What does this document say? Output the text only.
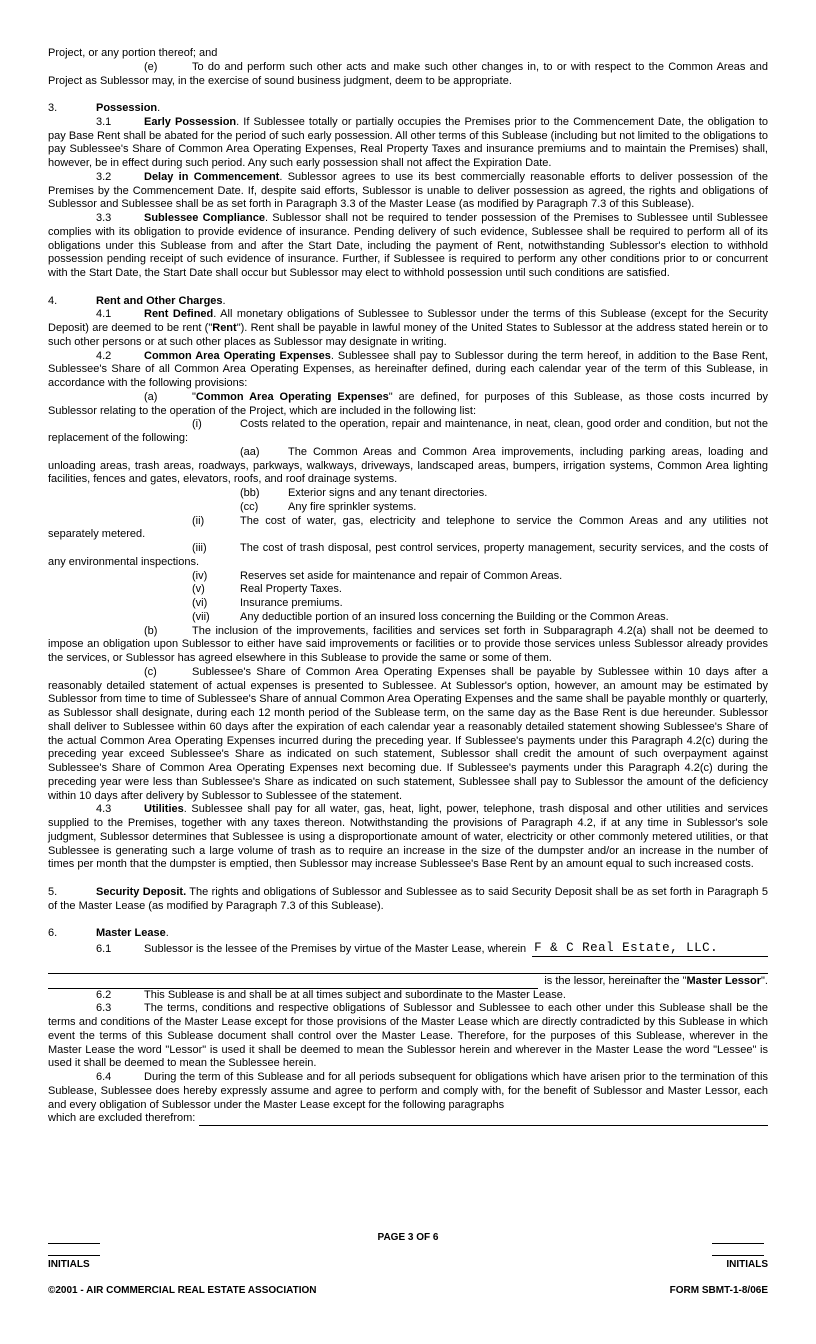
Project, or any portion thereof; and

(e)	To do and perform such other acts and make such other changes in, to or with respect to the Common Areas and Project as Sublessor may, in the exercise of sound business judgment, deem to be appropriate.

3.	Possession.

3.1	Early Possession. If Sublessee totally or partially occupies the Premises prior to the Commencement Date, the obligation to pay Base Rent shall be abated for the period of such early possession. All other terms of this Sublease (including but not limited to the obligations to pay Sublessee's Share of Common Area Operating Expenses, Real Property Taxes and insurance premiums and to maintain the Premises) shall, however, be in effect during such period. Any such early possession shall not affect the Expiration Date.

3.2	Delay in Commencement. Sublessor agrees to use its best commercially reasonable efforts to deliver possession of the Premises by the Commencement Date. If, despite said efforts, Sublessor is unable to deliver possession as agreed, the rights and obligations of Sublessor and Sublessee shall be as set forth in Paragraph 3.3 of the Master Lease (as modified by Paragraph 7.3 of this Sublease).

3.3	Sublessee Compliance. Sublessor shall not be required to tender possession of the Premises to Sublessee until Sublessee complies with its obligation to provide evidence of insurance. Pending delivery of such evidence, Sublessee shall be required to perform all of its obligations under this Sublease from and after the Start Date, including the payment of Rent, notwithstanding Sublessor's election to withhold possession pending receipt of such evidence of insurance. Further, if Sublessee is required to perform any other conditions prior to or concurrent with the Start Date, the Start Date shall occur but Sublessor may elect to withhold possession until such conditions are satisfied.

4.	Rent and Other Charges.

4.1	Rent Defined. All monetary obligations of Sublessee to Sublessor under the terms of this Sublease (except for the Security Deposit) are deemed to be rent ("Rent"). Rent shall be payable in lawful money of the United States to Sublessor at the address stated herein or to such other persons or at such other places as Sublessor may designate in writing.

4.2	Common Area Operating Expenses. Sublessee shall pay to Sublessor during the term hereof, in addition to the Base Rent, Sublessee's Share of all Common Area Operating Expenses, as hereinafter defined, during each calendar year of the term of this Sublease, in accordance with the following provisions:

(a)	"Common Area Operating Expenses" are defined, for purposes of this Sublease, as those costs incurred by Sublessor relating to the operation of the Project, which are included in the following list:

(i)	Costs related to the operation, repair and maintenance, in neat, clean, good order and condition, but not the replacement of the following:

(aa)	The Common Areas and Common Area improvements, including parking areas, loading and unloading areas, trash areas, roadways, parkways, walkways, driveways, landscaped areas, bumpers, irrigation systems, Common Area lighting facilities, fences and gates, elevators, roofs, and roof drainage systems.

(bb)	Exterior signs and any tenant directories.
(cc)	Any fire sprinkler systems.

(ii)	The cost of water, gas, electricity and telephone to service the Common Areas and any utilities not separately metered.

(iii)	The cost of trash disposal, pest control services, property management, security services, and the costs of any environmental inspections.

(iv)	Reserves set aside for maintenance and repair of Common Areas.
(v)	Real Property Taxes.
(vi)	Insurance premiums.
(vii)	Any deductible portion of an insured loss concerning the Building or the Common Areas.

(b)	The inclusion of the improvements, facilities and services set forth in Subparagraph 4.2(a) shall not be deemed to impose an obligation upon Sublessor to either have said improvements or facilities or to provide those services unless Sublessor already provides the services, or Sublessor has agreed elsewhere in this Sublease to provide the same or some of them.

(c)	Sublessee's Share of Common Area Operating Expenses shall be payable by Sublessee within 10 days after a reasonably detailed statement of actual expenses is presented to Sublessee. At Sublessor's option, however, an amount may be estimated by Sublessor from time to time of Sublessee's Share of annual Common Area Operating Expenses and the same shall be payable monthly or quarterly, as Sublessor shall designate, during each 12 month period of the Sublease term, on the same day as the Base Rent is due hereunder. Sublessor shall deliver to Sublessee within 60 days after the expiration of each calendar year a reasonably detailed statement showing Sublessee's Share of the actual Common Area Operating Expenses incurred during the preceding year. If Sublessee's payments under this Paragraph 4.2(c) during the preceding year exceed Sublessee's Share as indicated on such statement, Sublessor shall credit the amount of such overpayment against Sublessee's Share of Common Area Operating Expenses next becoming due. If Sublessee's payments under this Paragraph 4.2(c) during the preceding year were less than Sublessee's Share as indicated on such statement, Sublessee shall pay to Sublessor the amount of the deficiency within 10 days after delivery by Sublessor to Sublessee of the statement.

4.3	Utilities. Sublessee shall pay for all water, gas, heat, light, power, telephone, trash disposal and other utilities and services supplied to the Premises, together with any taxes thereon. Notwithstanding the provisions of Paragraph 4.2, if at any time in Sublessor's sole judgment, Sublessor determines that Sublessee is using a disproportionate amount of water, electricity or other commonly metered utilities, or that Sublessee is generating such a large volume of trash as to require an increase in the size of the dumpster and/or an increase in the number of times per month that the dumpster is emptied, then Sublessor may increase Sublessee's Base Rent by an amount equal to such increased costs.

5.	Security Deposit. The rights and obligations of Sublessor and Sublessee as to said Security Deposit shall be as set forth in Paragraph 5 of the Master Lease (as modified by Paragraph 7.3 of this Sublease).

6.	Master Lease.
6.1	Sublessor is the lessee of the Premises by virtue of the Master Lease, wherein F & C Real Estate, LLC.
is the lessor, hereinafter the "Master Lessor".

6.2	This Sublease is and shall be at all times subject and subordinate to the Master Lease.

6.3	The terms, conditions and respective obligations of Sublessor and Sublessee to each other under this Sublease shall be the terms and conditions of the Master Lease except for those provisions of the Master Lease which are directly contradicted by this Sublease in which event the terms of this Sublease document shall control over the Master Lease. Therefore, for the purposes of this Sublease, wherever in the Master Lease the word "Lessor" is used it shall be deemed to mean the Sublessor herein and wherever in the Master Lease the word "Lessee" is used it shall be deemed to mean the Sublessee herein.

6.4	During the term of this Sublease and for all periods subsequent for obligations which have arisen prior to the termination of this Sublease, Sublessee does hereby expressly assume and agree to perform and comply with, for the benefit of Sublessor and Master Lessor, each and every obligation of Sublessor under the Master Lease except for the following paragraphs

which are excluded therefrom:
PAGE 3 OF 6
INITIALS	INITIALS
©2001 - AIR COMMERCIAL REAL ESTATE ASSOCIATION	FORM SBMT-1-8/06E
